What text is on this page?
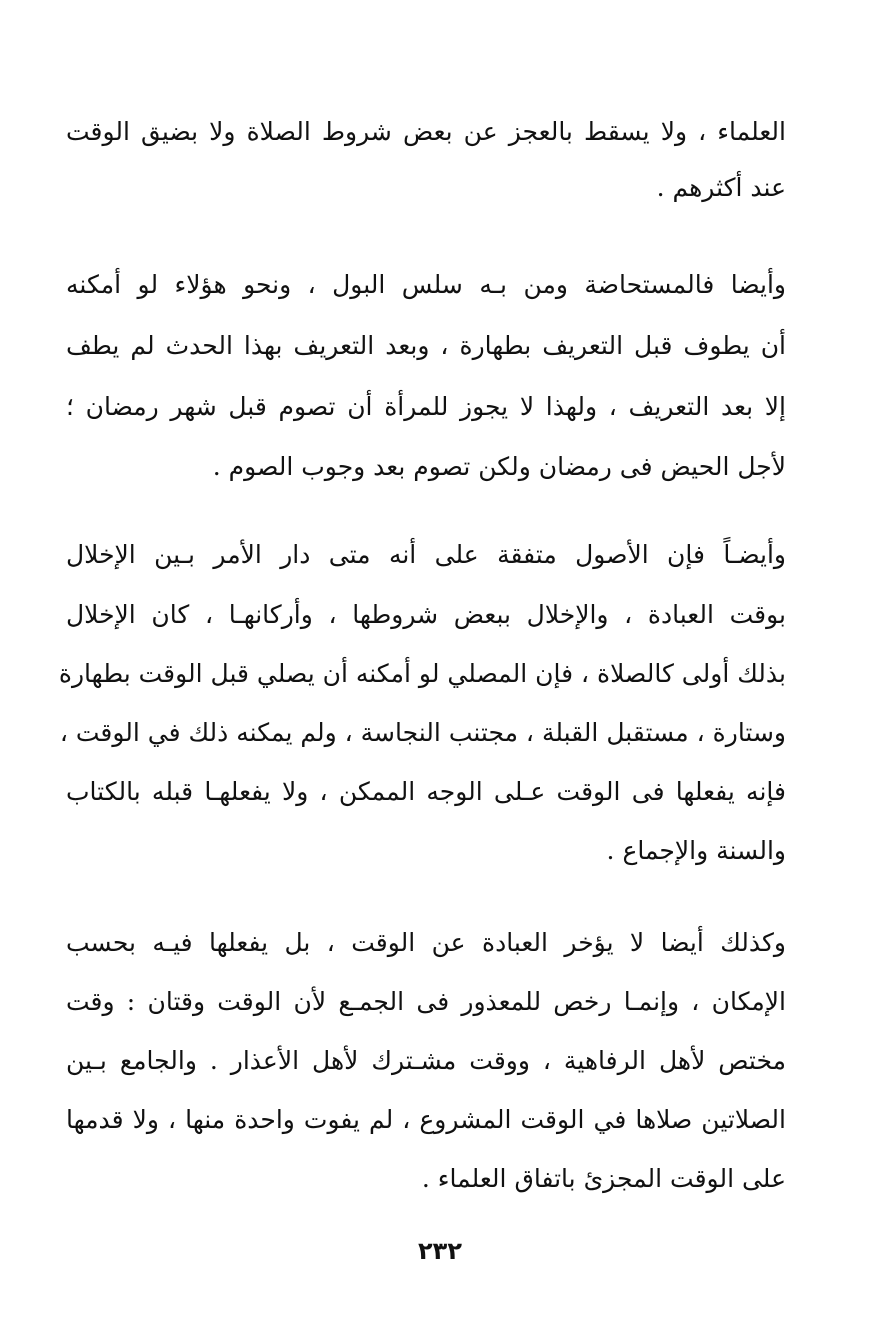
العلماء ، ولا يسقط بالعجز عن بعض شروط الصلاة ولا بضيق الوقت
عند أكثرهم .
وأيضا فالمستحاضة ومن بـه سلس البول ، ونحو هؤلاء لو أمكنه
أن يطوف قبل التعريف بطهارة ، وبعد التعريف بهذا الحدث لم يطف
إلا بعد التعريف ، ولهذا لا يجوز للمرأة أن تصوم قبل شهر رمضان ؛
لأجل الحيض فى رمضان ولكن تصوم بعد وجوب الصوم .
وأيضـاً فإن الأصول متفقة على أنه متى دار الأمر بـين الإخلال
بوقت العبادة ، والإخلال ببعض شروطها ، وأركانهـا ، كان الإخلال
بذلك أولى كالصلاة ، فإن المصلي لو أمكنه أن يصلي قبل الوقت بطهارة
وستارة ، مستقبل القبلة ، مجتنب النجاسة ، ولم يمكنه ذلك في الوقت ،
فإنه يفعلها فى الوقت عـلى الوجه الممكن ، ولا يفعلهـا قبله بالكتاب
والسنة والإجماع .
وكذلك أيضا لا يؤخر العبادة عن الوقت ، بل يفعلها فيـه بحسب
الإمكان ، وإنمـا رخص للمعذور فى الجمـع لأن الوقت وقتان : وقت
مختص لأهل الرفاهية ، ووقت مشـترك لأهل الأعذار . والجامع بـين
الصلاتين صلاها في الوقت المشروع ، لم يفوت واحدة منها ، ولا قدمها
على الوقت المجزئ باتفاق العلماء .
٢٣٢
